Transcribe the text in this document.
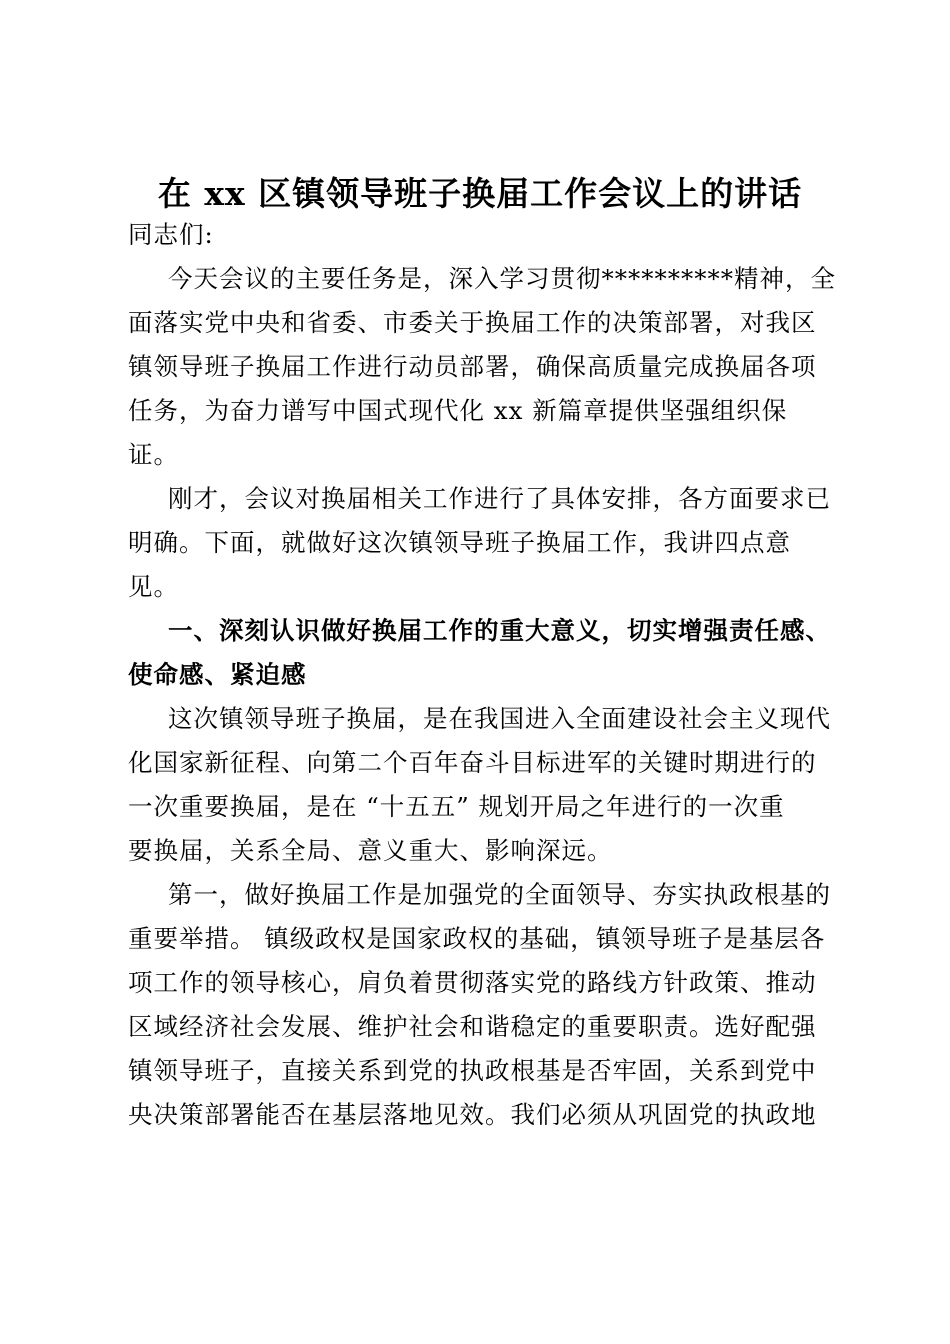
在 xx 区镇领导班子换届工作会议上的讲话
同志们:
今天会议的主要任务是，深入学习贯彻**********精神，全
面落实党中央和省委、市委关于换届工作的决策部署，对我区
镇领导班子换届工作进行动员部署，确保高质量完成换届各项
任务，为奋力谱写中国式现代化 xx 新篇章提供坚强组织保
证。
刚才，会议对换届相关工作进行了具体安排，各方面要求已
明确。下面，就做好这次镇领导班子换届工作，我讲四点意
见。
一、深刻认识做好换届工作的重大意义，切实增强责任感、
使命感、紧迫感
这次镇领导班子换届，是在我国进入全面建设社会主义现代
化国家新征程、向第二个百年奋斗目标进军的关键时期进行的
一次重要换届，是在 “十五五” 规划开局之年进行的一次重
要换届，关系全局、意义重大、影响深远。
第一，做好换届工作是加强党的全面领导、夯实执政根基的
重要举措。 镇级政权是国家政权的基础，镇领导班子是基层各
项工作的领导核心，肩负着贯彻落实党的路线方针政策、推动
区域经济社会发展、维护社会和谐稳定的重要职责。选好配强
镇领导班子，直接关系到党的执政根基是否牢固，关系到党中
央决策部署能否在基层落地见效。我们必须从巩固党的执政地
